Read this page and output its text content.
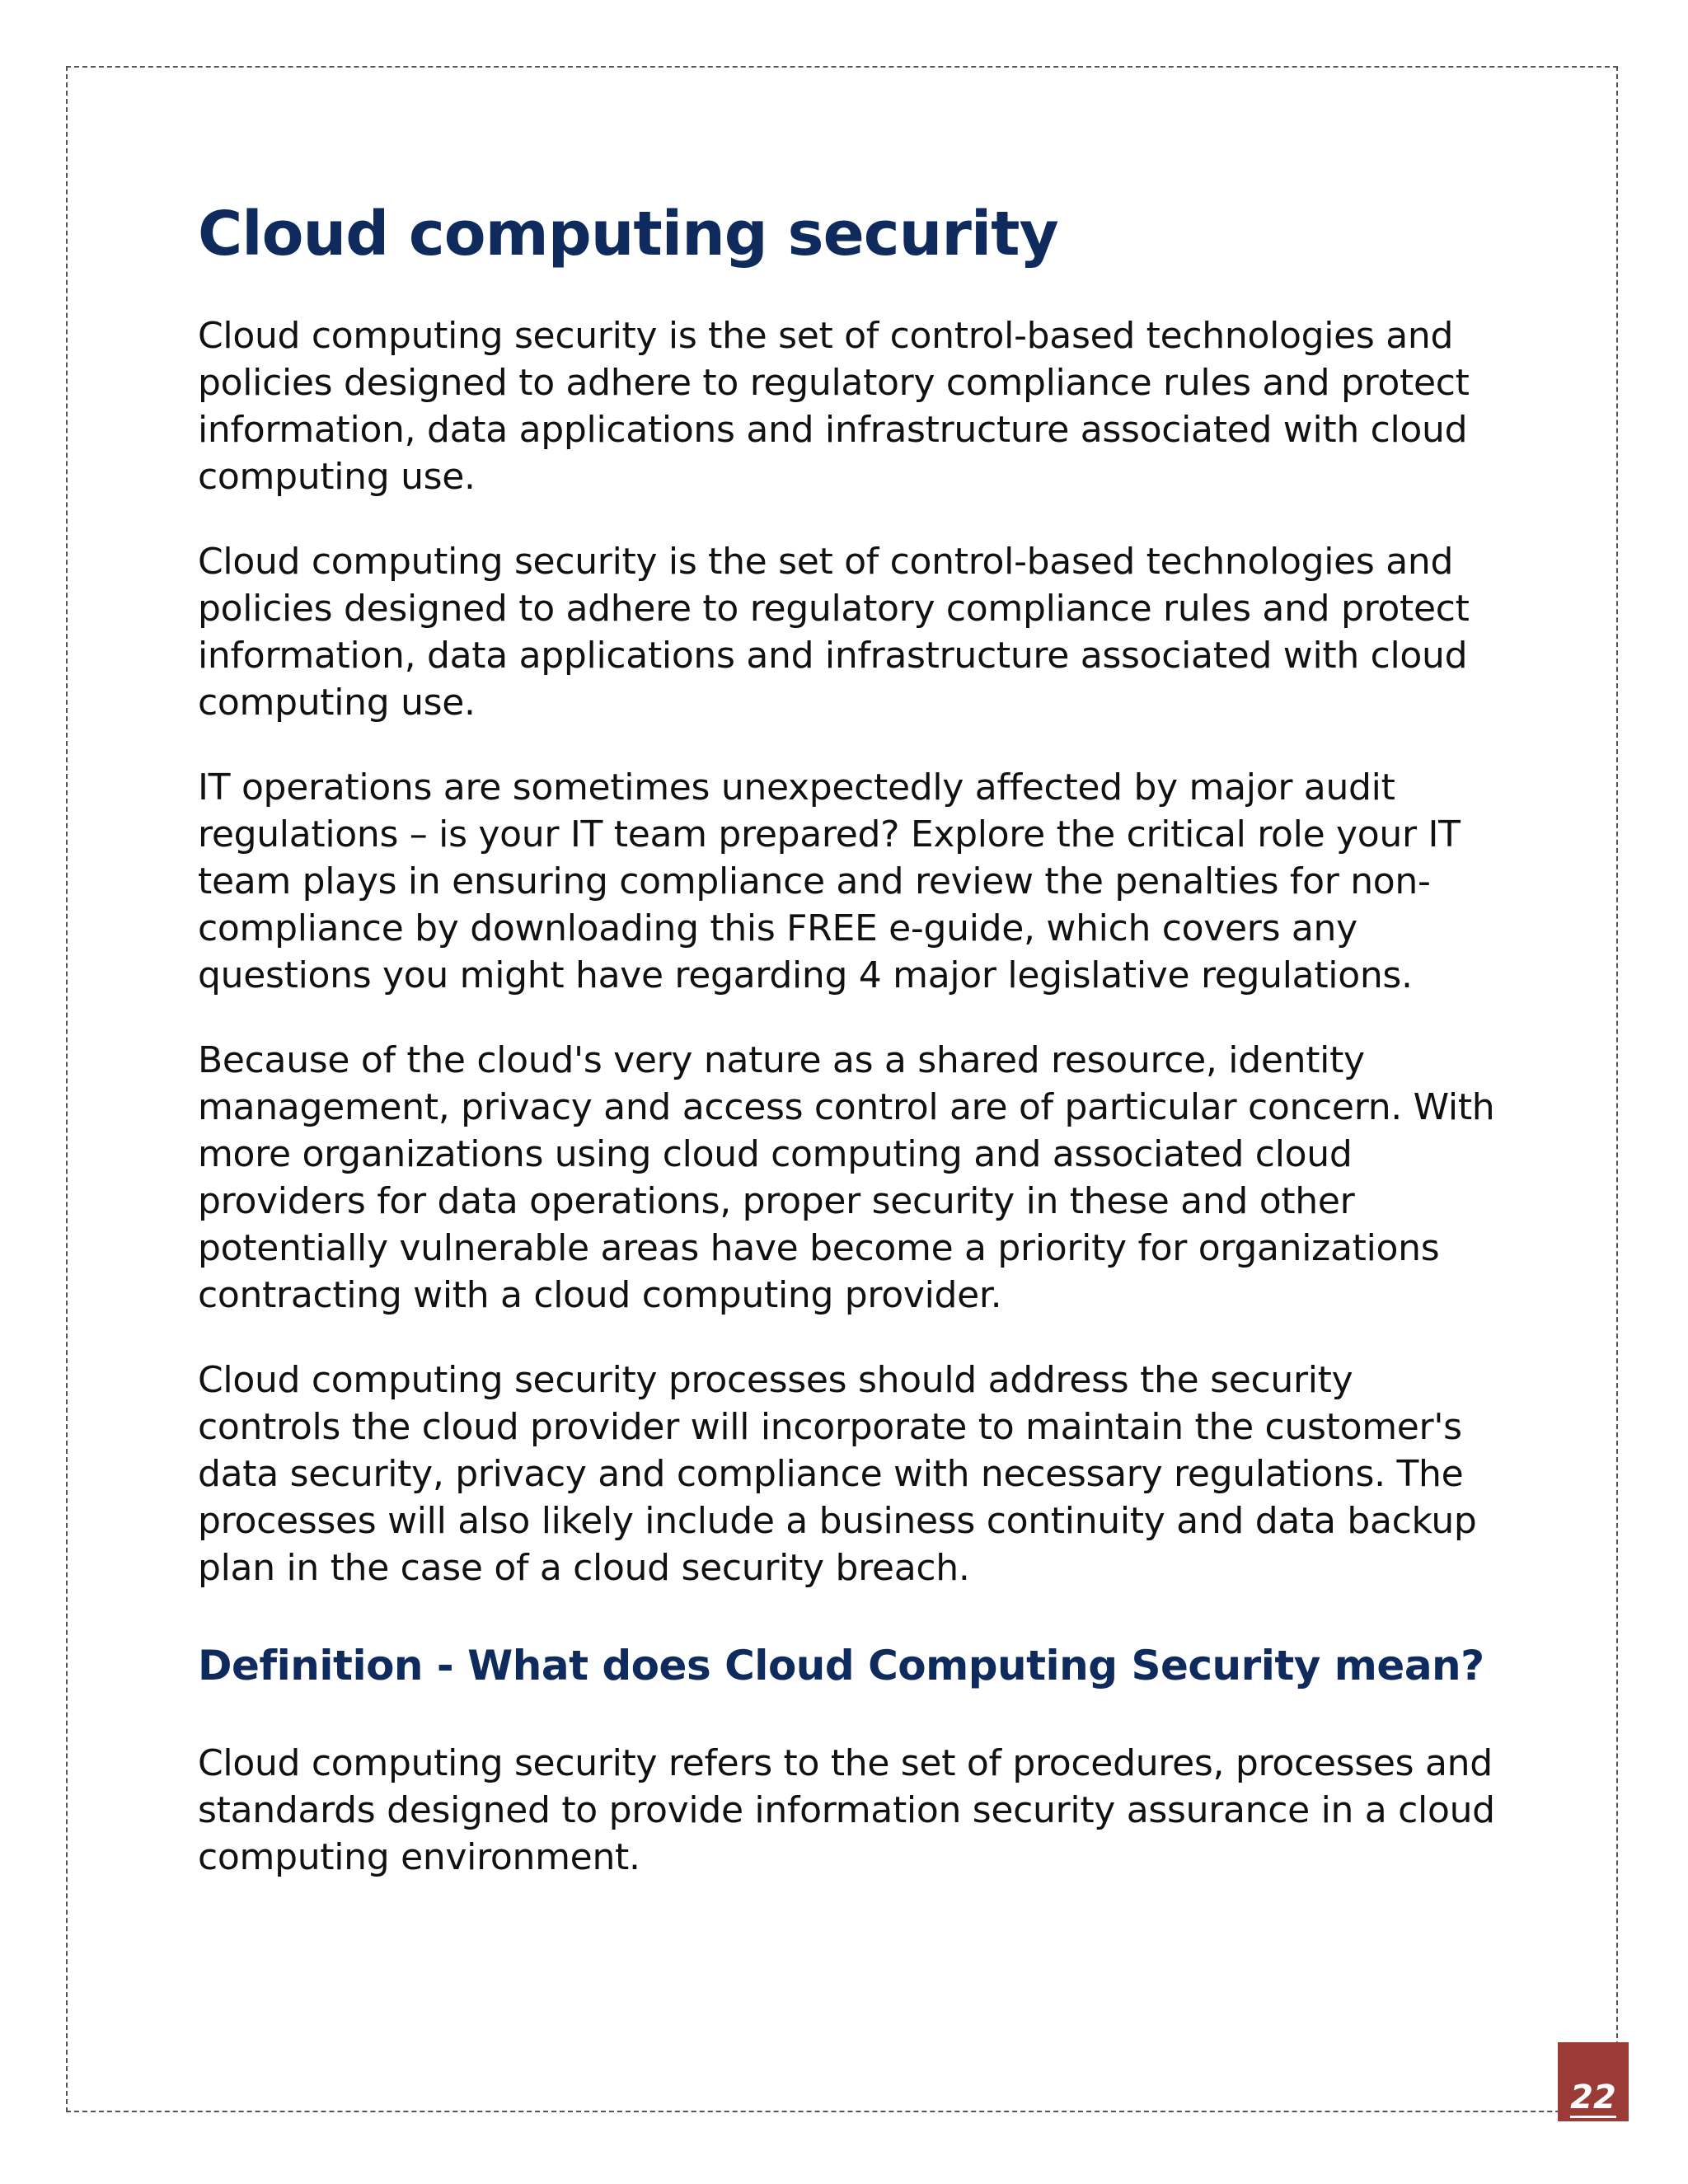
Cloud computing security

Cloud computing security is the set of control-based technologies and policies designed to adhere to regulatory compliance rules and protect information, data applications and infrastructure associated with cloud computing use.

Cloud computing security is the set of control-based technologies and policies designed to adhere to regulatory compliance rules and protect information, data applications and infrastructure associated with cloud computing use.

IT operations are sometimes unexpectedly affected by major audit regulations – is your IT team prepared? Explore the critical role your IT team plays in ensuring compliance and review the penalties for non-compliance by downloading this FREE e-guide, which covers any questions you might have regarding 4 major legislative regulations.

Because of the cloud's very nature as a shared resource, identity management, privacy and access control are of particular concern. With more organizations using cloud computing and associated cloud providers for data operations, proper security in these and other potentially vulnerable areas have become a priority for organizations contracting with a cloud computing provider.

Cloud computing security processes should address the security controls the cloud provider will incorporate to maintain the customer's data security, privacy and compliance with necessary regulations. The processes will also likely include a business continuity and data backup plan in the case of a cloud security breach.

Definition - What does Cloud Computing Security mean?

Cloud computing security refers to the set of procedures, processes and standards designed to provide information security assurance in a cloud computing environment.

22
